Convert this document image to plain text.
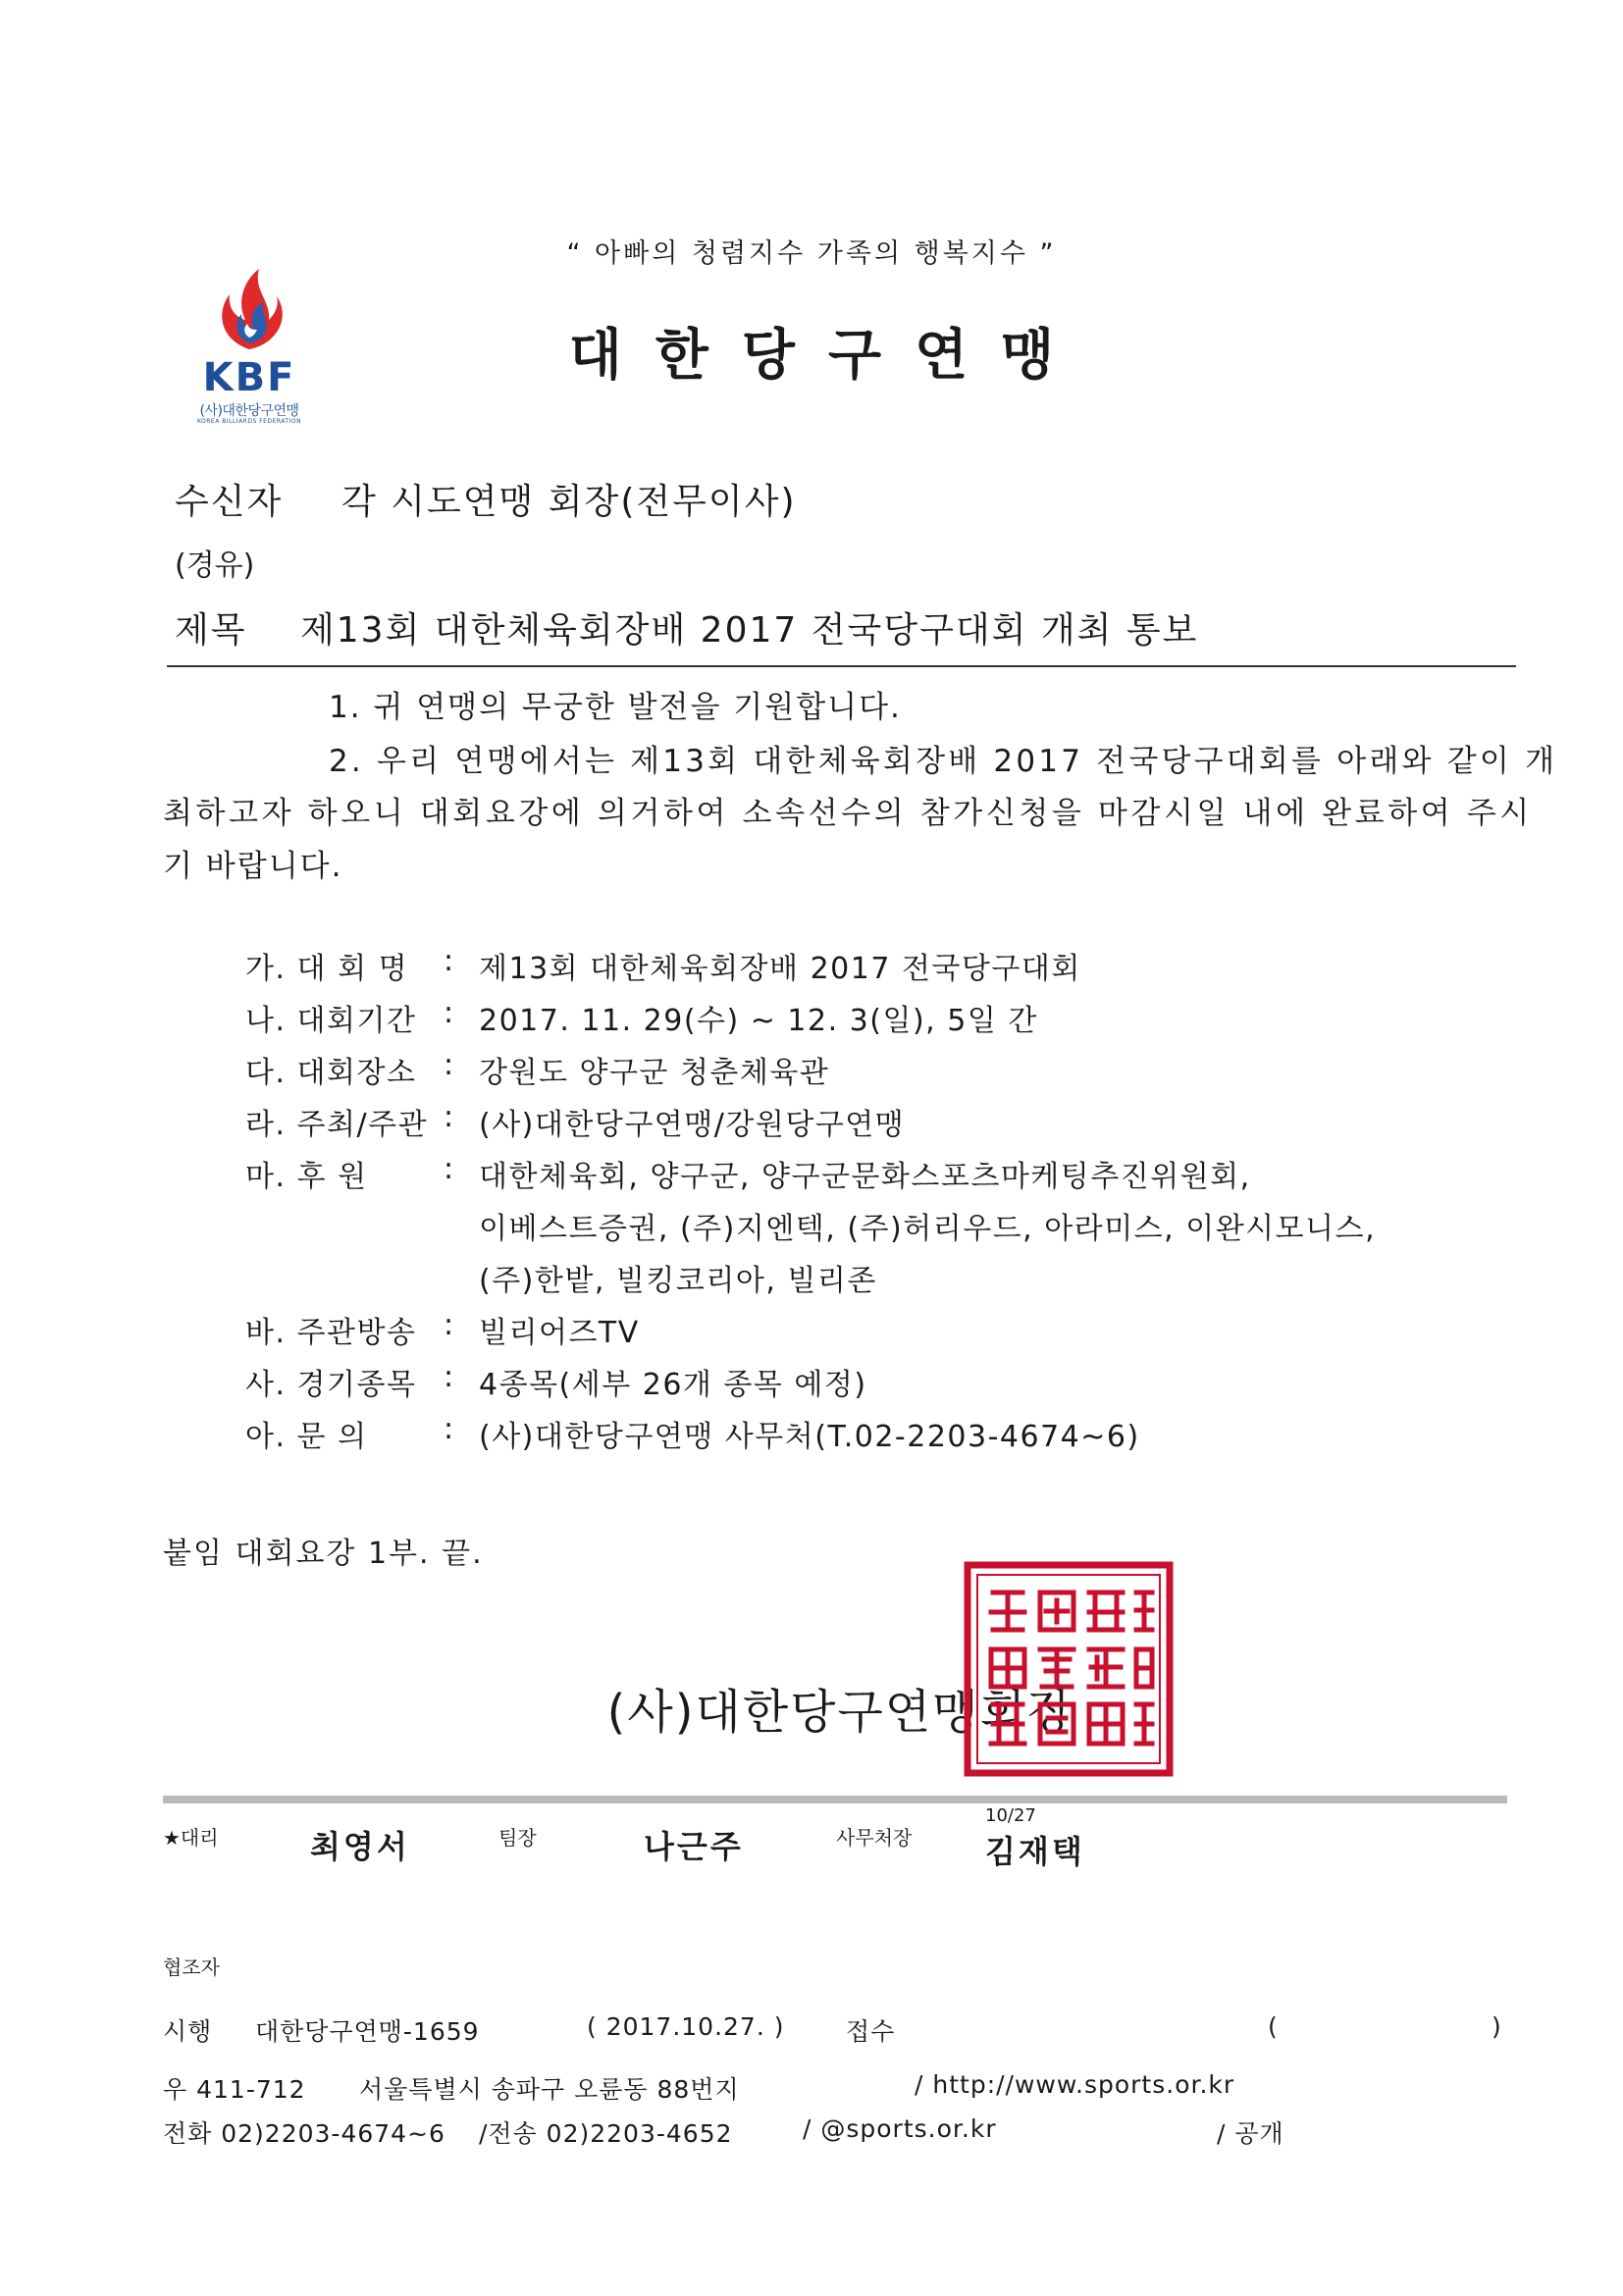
“ 아빠의 청렴지수 가족의 행복지수 ”
KBF
(사)대한당구연맹
KOREA BILLIARDS FEDERATION
대한당구연맹
수신자 각 시도연맹 회장(전무이사)
(경유)
제목 제13회 대한체육회장배 2017 전국당구대회 개최 통보
1. 귀 연맹의 무궁한 발전을 기원합니다.
2. 우리 연맹에서는 제13회 대한체육회장배 2017 전국당구대회를 아래와 같이 개
최하고자 하오니 대회요강에 의거하여 소속선수의 참가신청을 마감시일 내에 완료하여 주시
기 바랍니다.
가. 대 회 명 : 제13회 대한체육회장배 2017 전국당구대회
나. 대회기간 : 2017. 11. 29(수) ~ 12. 3(일), 5일 간
다. 대회장소 : 강원도 양구군 청춘체육관
라. 주최/주관 : (사)대한당구연맹/강원당구연맹
마. 후 원	: 대한체육회, 양구군, 양구군문화스포츠마케팅추진위원회,
이베스트증권, (주)지엔텍, (주)허리우드, 아라미스, 이완시모니스,
(주)한밭, 빌킹코리아, 빌리존
바. 주관방송 : 빌리어즈TV
사. 경기종목 : 4종목(세부 26개 종목 예정)
아. 문 의	: (사)대한당구연맹 사무처(T.02-2203-4674~6)
붙임 대회요강 1부. 끝.
(사)대한당구연맹회장
★대리	최영서	팀장	나근주	사무처장
10/27
김재택
협조자
시행 대한당구연맹-1659	( 2017.10.27. )	접수	(	)
우 411-712 서울특별시 송파구 오륜동 88번지	/ http://www.sports.or.kr
전화 02)2203-4674~6 /전송 02)2203-4652	/ @sports.or.kr	/ 공개
